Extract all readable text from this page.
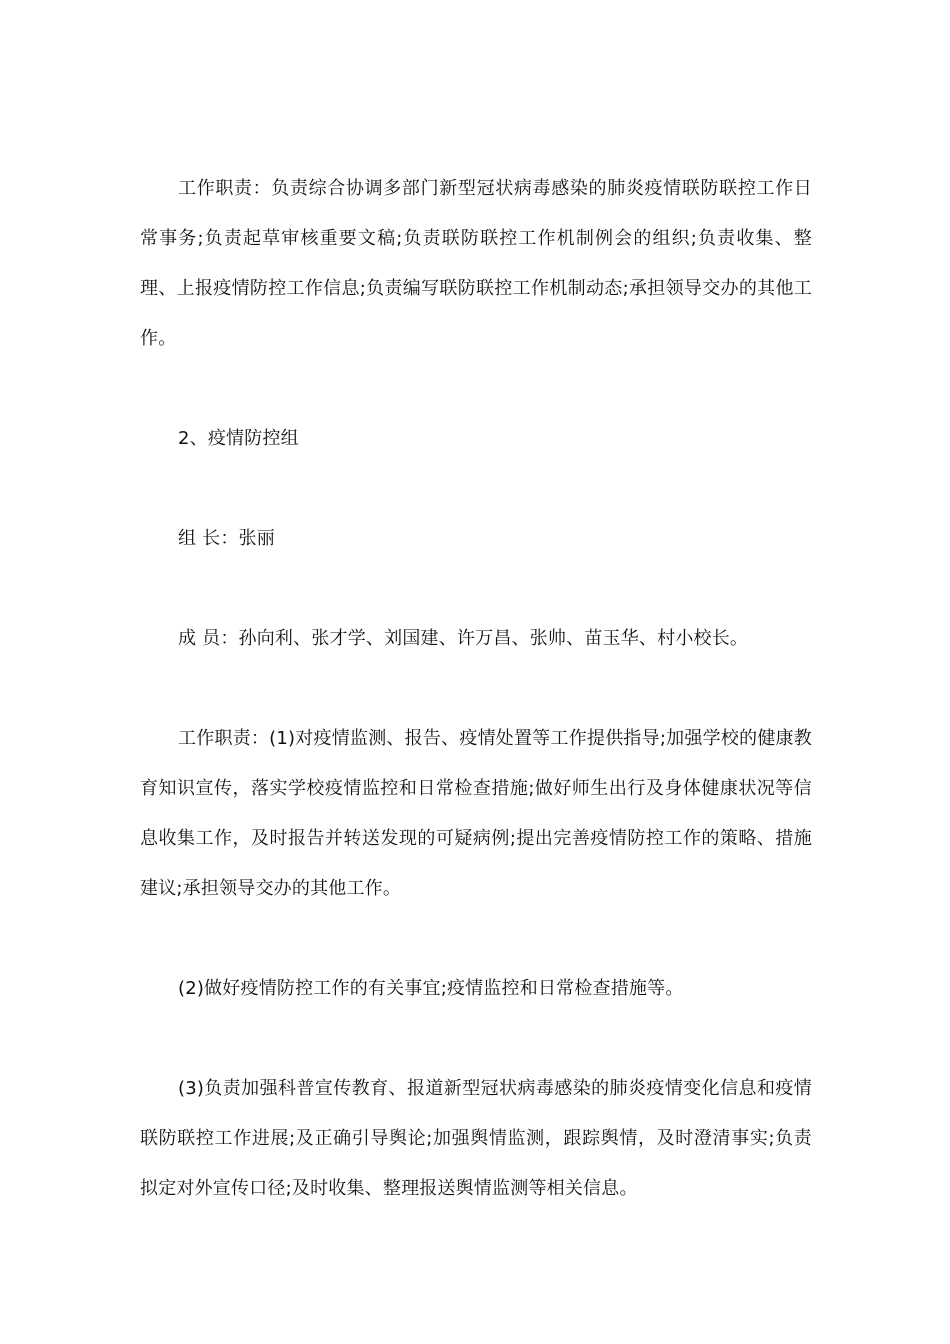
工作职责：负责综合协调多部门新型冠状病毒感染的肺炎疫情联防联控工作日常事务;负责起草审核重要文稿;负责联防联控工作机制例会的组织;负责收集、整理、上报疫情防控工作信息;负责编写联防联控工作机制动态;承担领导交办的其他工作。

2、疫情防控组

组 长：张丽

成 员：孙向利、张才学、刘国建、许万昌、张帅、苗玉华、村小校长。

工作职责：(1)对疫情监测、报告、疫情处置等工作提供指导;加强学校的健康教育知识宣传，落实学校疫情监控和日常检查措施;做好师生出行及身体健康状况等信息收集工作，及时报告并转送发现的可疑病例;提出完善疫情防控工作的策略、措施建议;承担领导交办的其他工作。

(2)做好疫情防控工作的有关事宜;疫情监控和日常检查措施等。

(3)负责加强科普宣传教育、报道新型冠状病毒感染的肺炎疫情变化信息和疫情联防联控工作进展;及正确引导舆论;加强舆情监测，跟踪舆情，及时澄清事实;负责拟定对外宣传口径;及时收集、整理报送舆情监测等相关信息。
